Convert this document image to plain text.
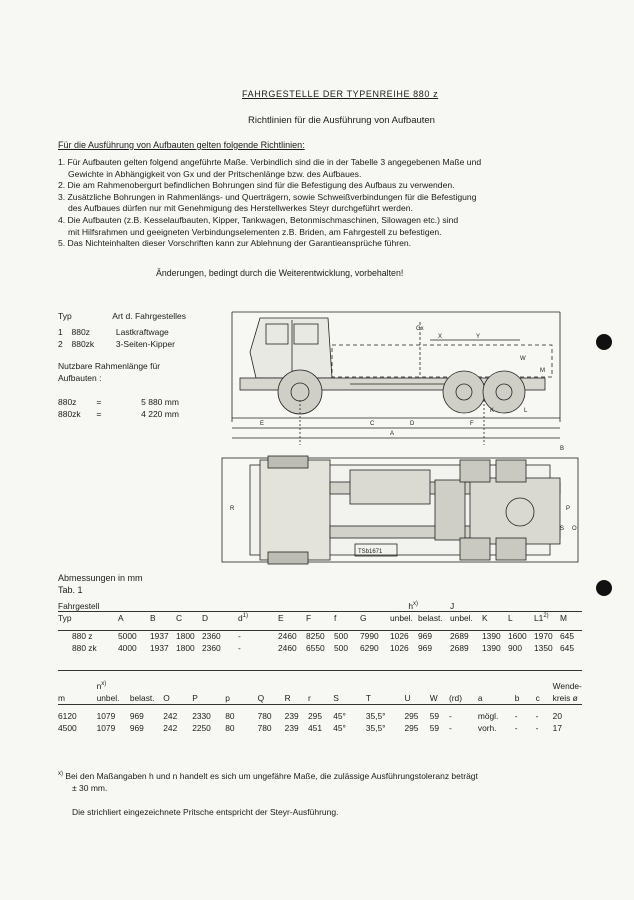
FAHRGESTELLE DER TYPENREIHE 880 z
Richtlinien für die Ausführung von Aufbauten
Für die Ausführung von Aufbauten gelten folgende Richtlinien:
1. Für Aufbauten gelten folgend angeführte Maße. Verbindlich sind die in der Tabelle 3 angegebenen Maße und
Gewichte in Abhängigkeit von Gx und der Pritschenlänge bzw. des Aufbaues.
2. Die am Rahmenobergurt befindlichen Bohrungen sind für die Befestigung des Aufbaus zu verwenden.
3. Zusätzliche Bohrungen in Rahmenlängs- und Querträgern, sowie Schweißverbindungen für die Befestigung
des Aufbaues dürfen nur mit Genehmigung des Herstellwerkes Steyr durchgeführt werden.
4. Die Aufbauten (z.B. Kesselaufbauten, Kipper, Tankwagen, Betonmischmaschinen, Silowagen etc.) sind
mit Hilfsrahmen und geeigneten Verbindungselementen z.B. Briden, am Fahrgestell zu befestigen.
5. Das Nichteinhalten dieser Vorschriften kann zur Ablehnung der Garantieansprüche führen.
Änderungen, bedingt durch die Weiterentwicklung, vorbehalten!
Typ	Art d. Fahrgestelles
1 880z	Lastkraftwage
2 880zk	3-Seiten-Kipper
Nutzbare Rahmenlänge für
Aufbauten :
880z =	5 880 mm
880zk =	4 220 mm
X	Y
Gx
W
M
K	L
E	C	D	F
A
B
R	P
O
S
TSb1671
Abmessungen in mm
Tab. 1
Fahrgestell										$h^{x)}$		J				
Typ	A	B	C	D	$d^{1)}$	E	F	f	G	unbel.	belast.	unbel.	K	L	L1$^{2)}$	M

880 z	5000	1937	1800	2360	-	2460	8250	500	7990	1026	969	2689	1390	1600	1970	645
880 zk	4000	1937	1800	2360	-	2460	6550	500	6290	1026	969	2689	1390	900	1350	645
	$n^{x)}$																Wende-
m	unbel.	belast.	O	P	p	Q	R	r	S	T	U	W	(rd)	a	b	c	kreis ø

6120	1079	969	242	2330	80	780	239	295	45°	35,5°	295	59	-	mögl.	-	-	20
4500	1079	969	242	2250	80	780	239	451	45°	35,5°	295	59	-	vorh.	-	-	17
$^{x)}$ Bei den Maßangaben h und n handelt es sich um ungefähre Maße, die zulässige Ausführungstoleranz beträgt
± 30 mm.
Die strichliert eingezeichnete Pritsche entspricht der Steyr-Ausführung.
